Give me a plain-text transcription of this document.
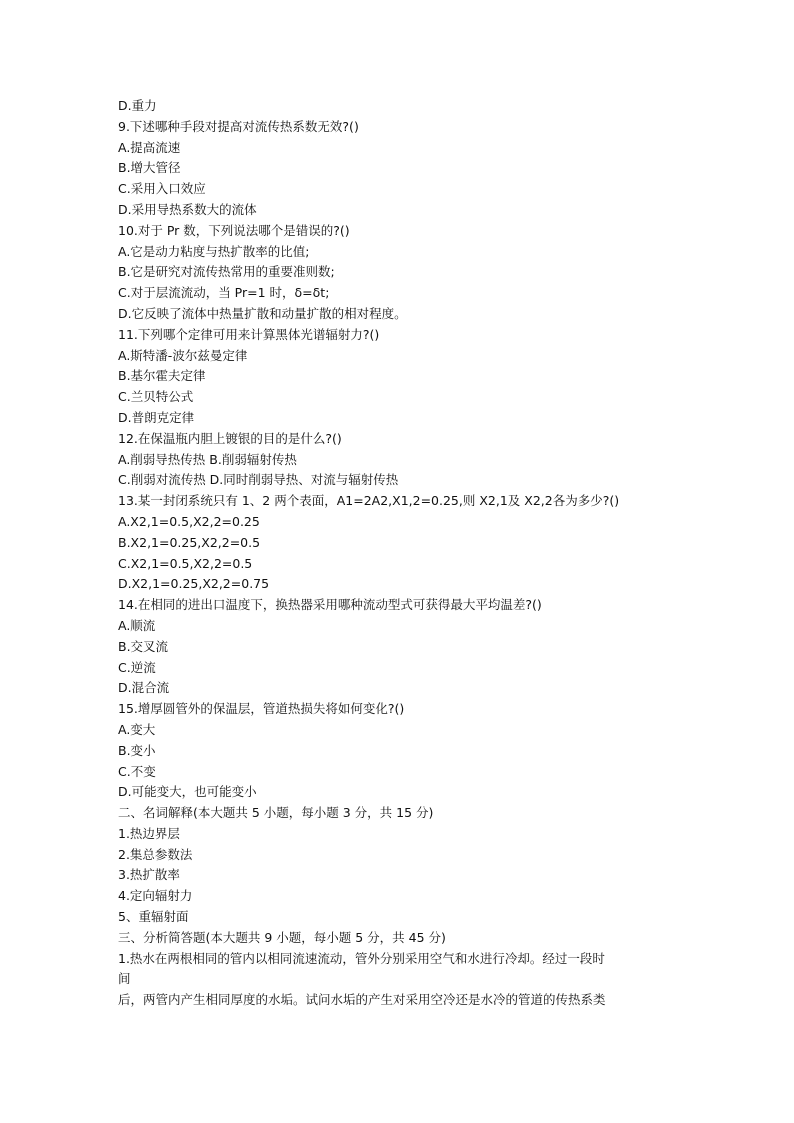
D.重力
9.下述哪种手段对提高对流传热系数无效?()
A.提高流速
B.增大管径
C.采用入口效应
D.采用导热系数大的流体
10.对于 Pr 数，下列说法哪个是错误的?()
A.它是动力粘度与热扩散率的比值;
B.它是研究对流传热常用的重要准则数;
C.对于层流流动，当 Pr=1 时，δ=δt;
D.它反映了流体中热量扩散和动量扩散的相对程度。
11.下列哪个定律可用来计算黑体光谱辐射力?()
A.斯特潘-波尔兹曼定律
B.基尔霍夫定律
C.兰贝特公式
D.普朗克定律
12.在保温瓶内胆上镀银的目的是什么?()
A.削弱导热传热 B.削弱辐射传热
C.削弱对流传热 D.同时削弱导热、对流与辐射传热
13.某一封闭系统只有 1、2 两个表面，A1=2A2,X1,2=0.25,则 X2,1及 X2,2各为多少?()
A.X2,1=0.5,X2,2=0.25
B.X2,1=0.25,X2,2=0.5
C.X2,1=0.5,X2,2=0.5
D.X2,1=0.25,X2,2=0.75
14.在相同的进出口温度下，换热器采用哪种流动型式可获得最大平均温差?()
A.顺流
B.交叉流
C.逆流
D.混合流
15.增厚圆管外的保温层，管道热损失将如何变化?()
A.变大
B.变小
C.不变
D.可能变大，也可能变小
二、名词解释(本大题共 5 小题，每小题 3 分，共 15 分)
1.热边界层
2.集总参数法
3.热扩散率
4.定向辐射力
5、重辐射面
三、分析简答题(本大题共 9 小题，每小题 5 分，共 45 分)
1.热水在两根相同的管内以相同流速流动，管外分别采用空气和水进行冷却。经过一段时
间
后，两管内产生相同厚度的水垢。试问水垢的产生对采用空冷还是水冷的管道的传热系类
